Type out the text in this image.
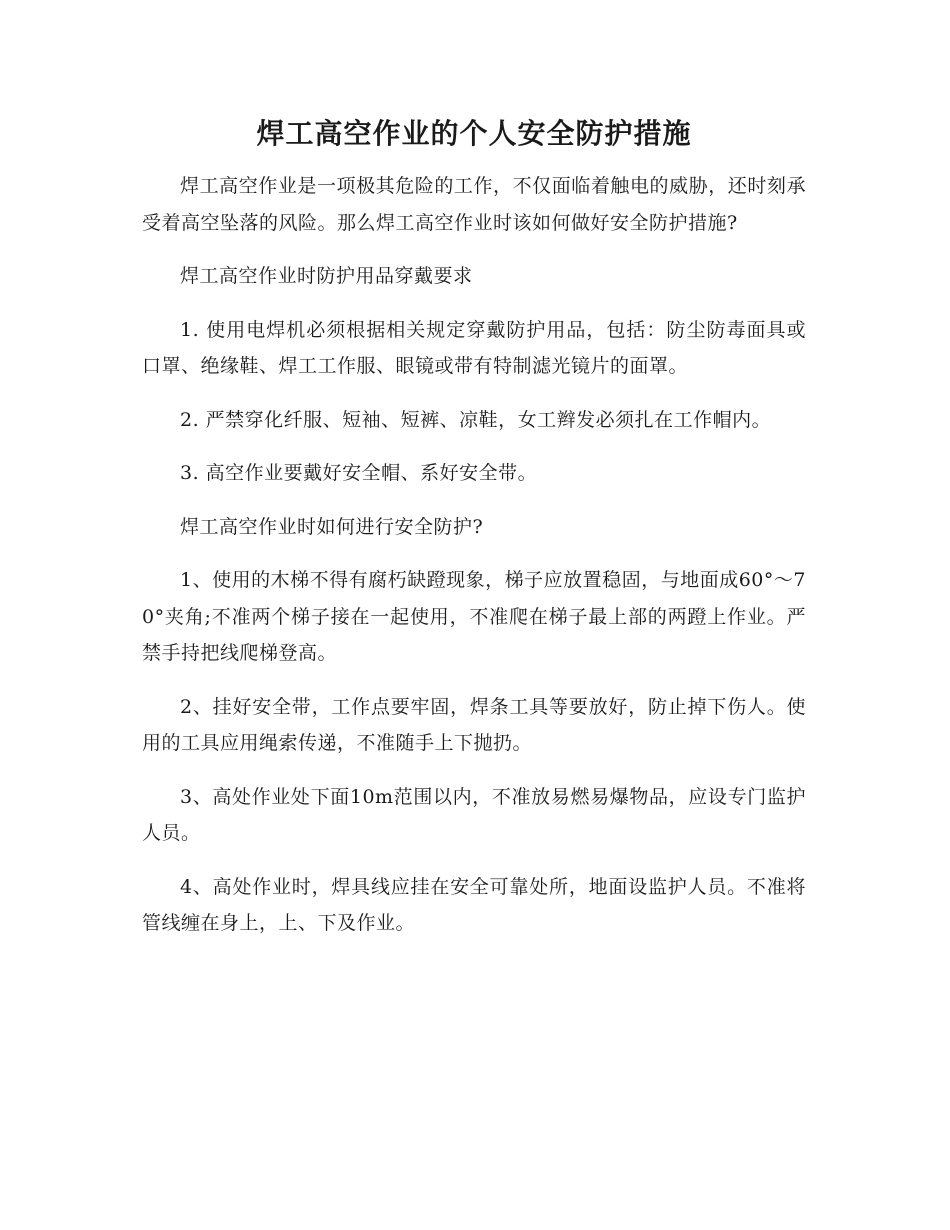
焊工高空作业的个人安全防护措施

焊工高空作业是一项极其危险的工作，不仅面临着触电的威胁，还时刻承受着高空坠落的风险。那么焊工高空作业时该如何做好安全防护措施?

焊工高空作业时防护用品穿戴要求

1. 使用电焊机必须根据相关规定穿戴防护用品，包括：防尘防毒面具或口罩、绝缘鞋、焊工工作服、眼镜或带有特制滤光镜片的面罩。

2. 严禁穿化纤服、短袖、短裤、凉鞋，女工辫发必须扎在工作帽内。

3. 高空作业要戴好安全帽、系好安全带。

焊工高空作业时如何进行安全防护?

1、使用的木梯不得有腐朽缺蹬现象，梯子应放置稳固，与地面成60°～70°夹角;不准两个梯子接在一起使用，不准爬在梯子最上部的两蹬上作业。严禁手持把线爬梯登高。

2、挂好安全带，工作点要牢固，焊条工具等要放好，防止掉下伤人。使用的工具应用绳索传递，不准随手上下抛扔。

3、高处作业处下面10m范围以内，不准放易燃易爆物品，应设专门监护人员。

4、高处作业时，焊具线应挂在安全可靠处所，地面设监护人员。不准将管线缠在身上，上、下及作业。
